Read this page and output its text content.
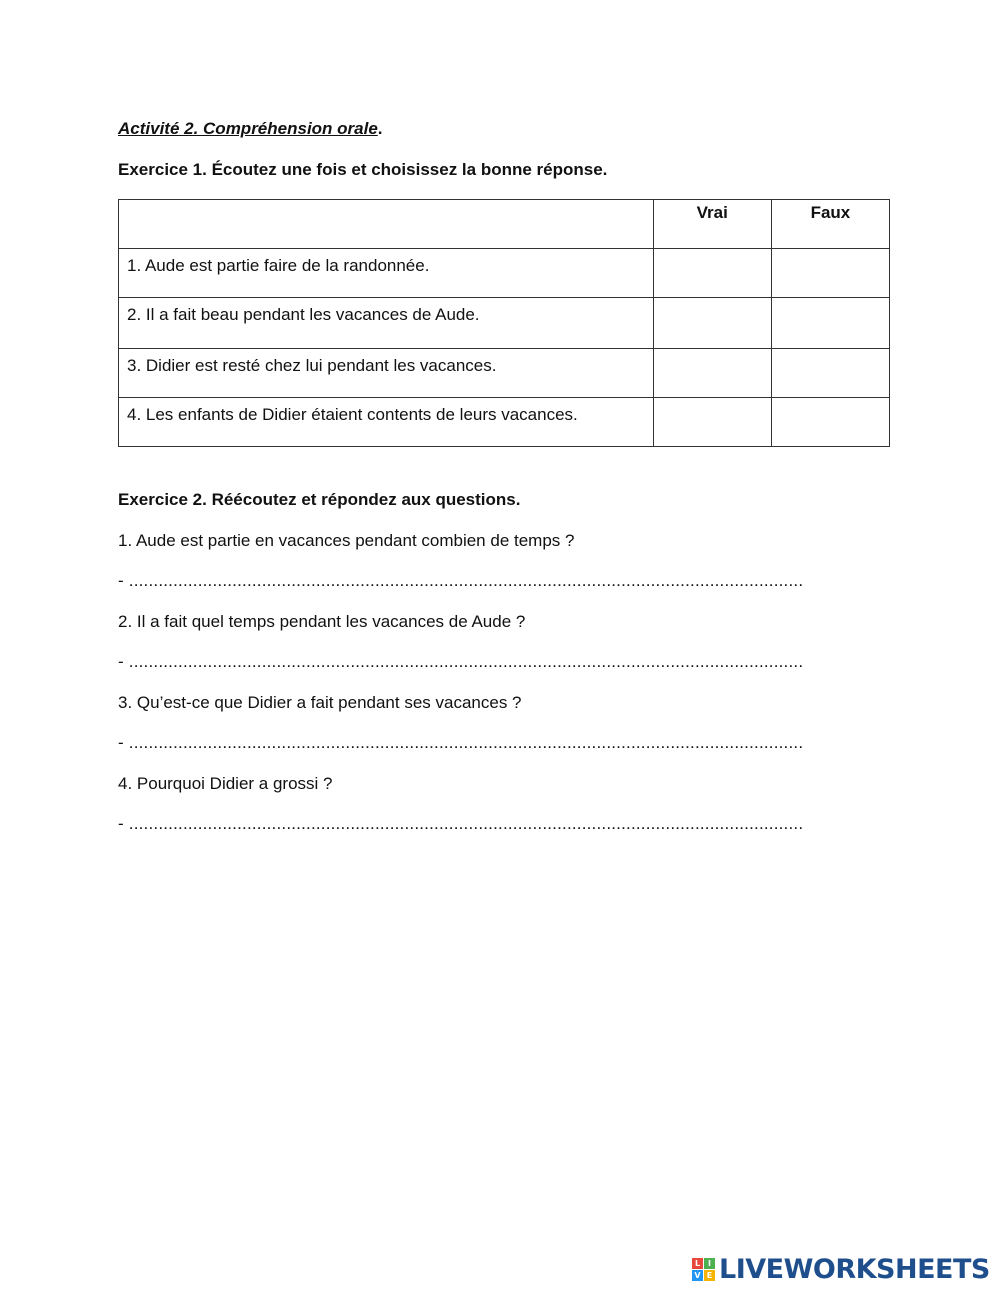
Activité 2. Compréhension orale.
Exercice 1. Écoutez une fois et choisissez la bonne réponse.
	Vrai	Faux
1. Aude est partie faire de la randonnée.		
2. Il a fait beau pendant les vacances de Aude.		
3. Didier est resté chez lui pendant les vacances.		
4. Les enfants de Didier étaient contents de leurs vacances.		
Exercice 2. Réécoutez et répondez aux questions.
1. Aude est partie en vacances pendant combien de temps ?
- .........................................................................................................................................
2. Il a fait quel temps pendant les vacances de Aude ?
- .........................................................................................................................................
3. Qu’est-ce que Didier a fait pendant ses vacances ?
- .........................................................................................................................................
4. Pourquoi Didier a grossi ?
- .........................................................................................................................................
L I
V E LIVEWORKSHEETS
